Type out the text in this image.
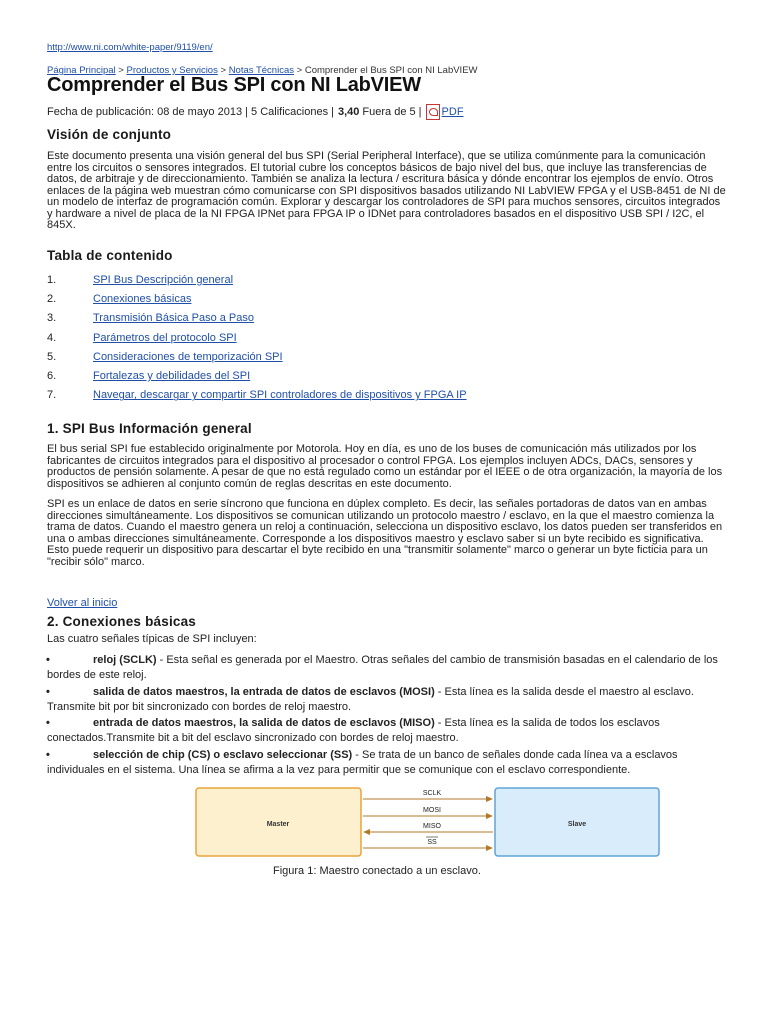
http://www.ni.com/white-paper/9119/en/
Página Principal > Productos y Servicios > Notas Técnicas > Comprender el Bus SPI con NI LabVIEW
Comprender el Bus SPI con NI LabVIEW
Fecha de publicación: 08 de mayo 2013 | 5 Calificaciones | 3,40 Fuera de 5 | PDF
Visión de conjunto

Este documento presenta una visión general del bus SPI (Serial Peripheral Interface), que se utiliza comúnmente para la comunicación entre los circuitos o sensores integrados. El tutorial cubre los conceptos básicos de bajo nivel del bus, que incluye las transferencias de datos, de arbitraje y de direccionamiento. También se analiza la lectura / escritura básica y dónde encontrar los ejemplos de envío. Otros enlaces de la página web muestran cómo comunicarse con SPI dispositivos basados utilizando NI LabVIEW FPGA y el USB-8451 de NI de un modelo de interfaz de programación común. Explorar y descargar los controladores de SPI para muchos sensores, circuitos integrados y hardware a nivel de placa de la NI FPGA IPNet para FPGA IP o IDNet para controladores basados en el dispositivo USB SPI / I2C, el 845X.

Tabla de contenido
1.	SPI Bus Descripción general
2.	Conexiones básicas
3.	Transmisión Básica Paso a Paso
4.	Parámetros del protocolo SPI
5.	Consideraciones de temporización SPI
6.	Fortalezas y debilidades del SPI
7.	Navegar, descargar y compartir SPI controladores de dispositivos y FPGA IP
1. SPI Bus Información general

El bus serial SPI fue establecido originalmente por Motorola. Hoy en día, es uno de los buses de comunicación más utilizados por los fabricantes de circuitos integrados para el dispositivo al procesador o control FPGA. Los ejemplos incluyen ADCs, DACs, sensores y productos de pensión solamente. A pesar de que no está regulado como un estándar por el IEEE o de otra organización, la mayoría de los dispositivos se adhieren al conjunto común de reglas descritas en este documento.

SPI es un enlace de datos en serie síncrono que funciona en dúplex completo. Es decir, las señales portadoras de datos van en ambas direcciones simultáneamente. Los dispositivos se comunican utilizando un protocolo maestro / esclavo, en la que el maestro comienza la trama de datos. Cuando el maestro genera un reloj a continuación, selecciona un dispositivo esclavo, los datos pueden ser transferidos en una o ambas direcciones simultáneamente. Corresponde a los dispositivos maestro y esclavo saber si un byte recibido es significativa. Esto puede requerir un dispositivo para descartar el byte recibido en una "transmitir solamente" marco o generar un byte ficticia para un "recibir sólo" marco.

Volver al inicio
2. Conexiones básicas

Las cuatro señales típicas de SPI incluyen:

•	reloj (SCLK) - Esta señal es generada por el Maestro. Otras señales del cambio de transmisión basadas en el calendario de los bordes de este reloj.
•	salida de datos maestros, la entrada de datos de esclavos (MOSI) - Esta línea es la salida desde el maestro al esclavo. Transmite bit por bit sincronizado con bordes de reloj maestro.
•	entrada de datos maestros, la salida de datos de esclavos (MISO) - Esta línea es la salida de todos los esclavos conectados.Transmite bit a bit del esclavo sincronizado con bordes de reloj maestro.
•	selección de chip (CS) o esclavo seleccionar (SS) - Se trata de un banco de señales donde cada línea va a esclavos individuales en el sistema. Una línea se afirma a la vez para permitir que se comunique con el esclavo correspondiente.
Master	Slave
SCLK
MOSI
MISO
SS
Figura 1: Maestro conectado a un esclavo.
